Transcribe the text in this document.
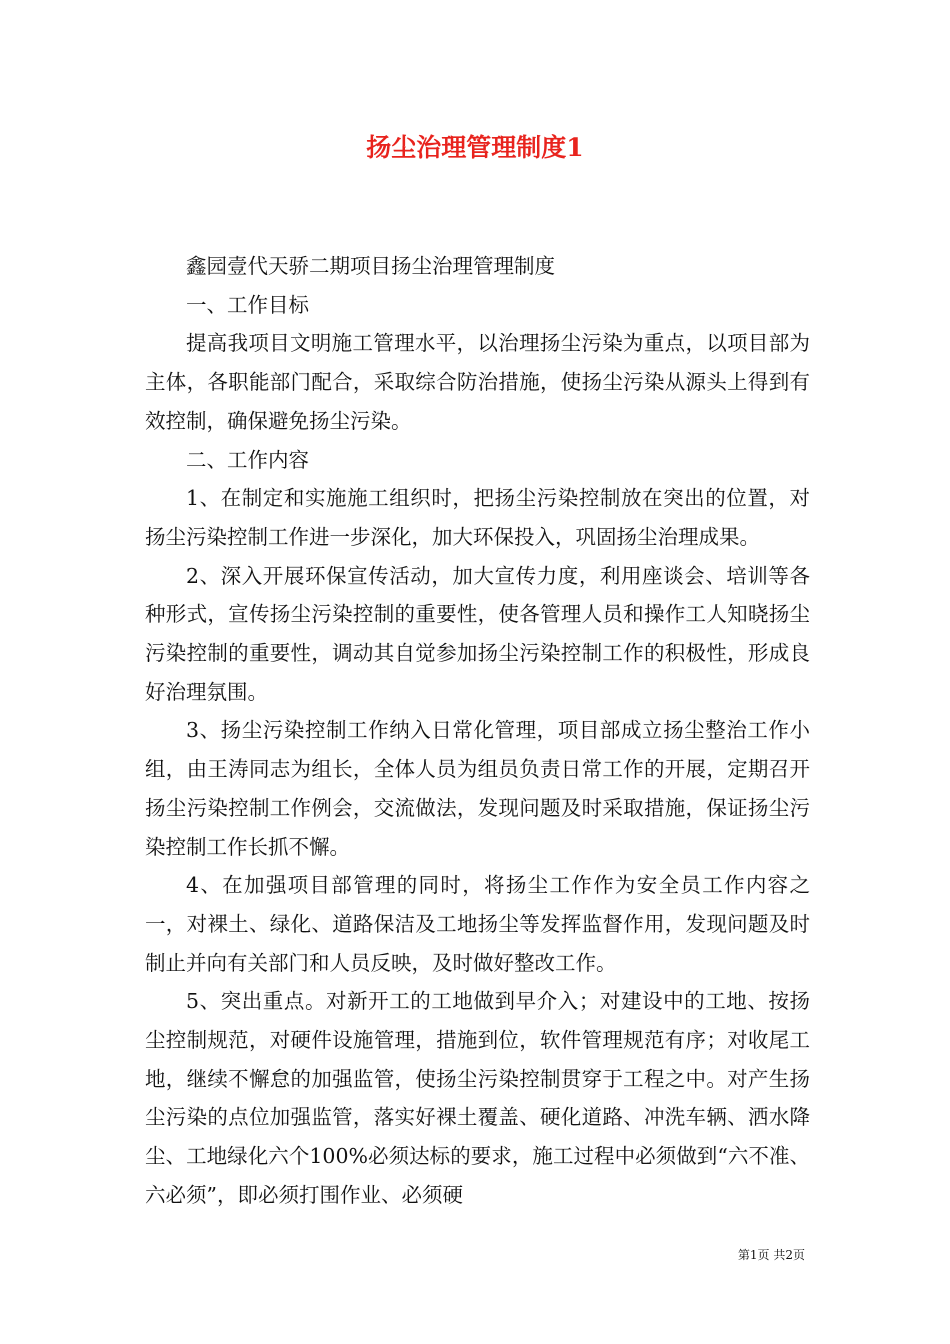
扬尘治理管理制度1

鑫园壹代天骄二期项目扬尘治理管理制度

一、工作目标

提高我项目文明施工管理水平，以治理扬尘污染为重点，以项目部为主体，各职能部门配合，采取综合防治措施，使扬尘污染从源头上得到有效控制，确保避免扬尘污染。

二、工作内容

1、在制定和实施施工组织时，把扬尘污染控制放在突出的位置，对扬尘污染控制工作进一步深化，加大环保投入，巩固扬尘治理成果。

2、深入开展环保宣传活动，加大宣传力度，利用座谈会、培训等各种形式，宣传扬尘污染控制的重要性，使各管理人员和操作工人知晓扬尘污染控制的重要性，调动其自觉参加扬尘污染控制工作的积极性，形成良好治理氛围。

3、扬尘污染控制工作纳入日常化管理，项目部成立扬尘整治工作小组，由王涛同志为组长，全体人员为组员负责日常工作的开展，定期召开扬尘污染控制工作例会，交流做法，发现问题及时采取措施，保证扬尘污染控制工作长抓不懈。

4、在加强项目部管理的同时，将扬尘工作作为安全员工作内容之一，对裸土、绿化、道路保洁及工地扬尘等发挥监督作用，发现问题及时制止并向有关部门和人员反映，及时做好整改工作。

5、突出重点。对新开工的工地做到早介入；对建设中的工地、按扬尘控制规范，对硬件设施管理，措施到位，软件管理规范有序；对收尾工地，继续不懈怠的加强监管，使扬尘污染控制贯穿于工程之中。对产生扬尘污染的点位加强监管，落实好裸土覆盖、硬化道路、冲洗车辆、洒水降尘、工地绿化六个100%必须达标的要求，施工过程中必须做到“六不准、六必须”，即必须打围作业、必须硬

第1页 共2页
